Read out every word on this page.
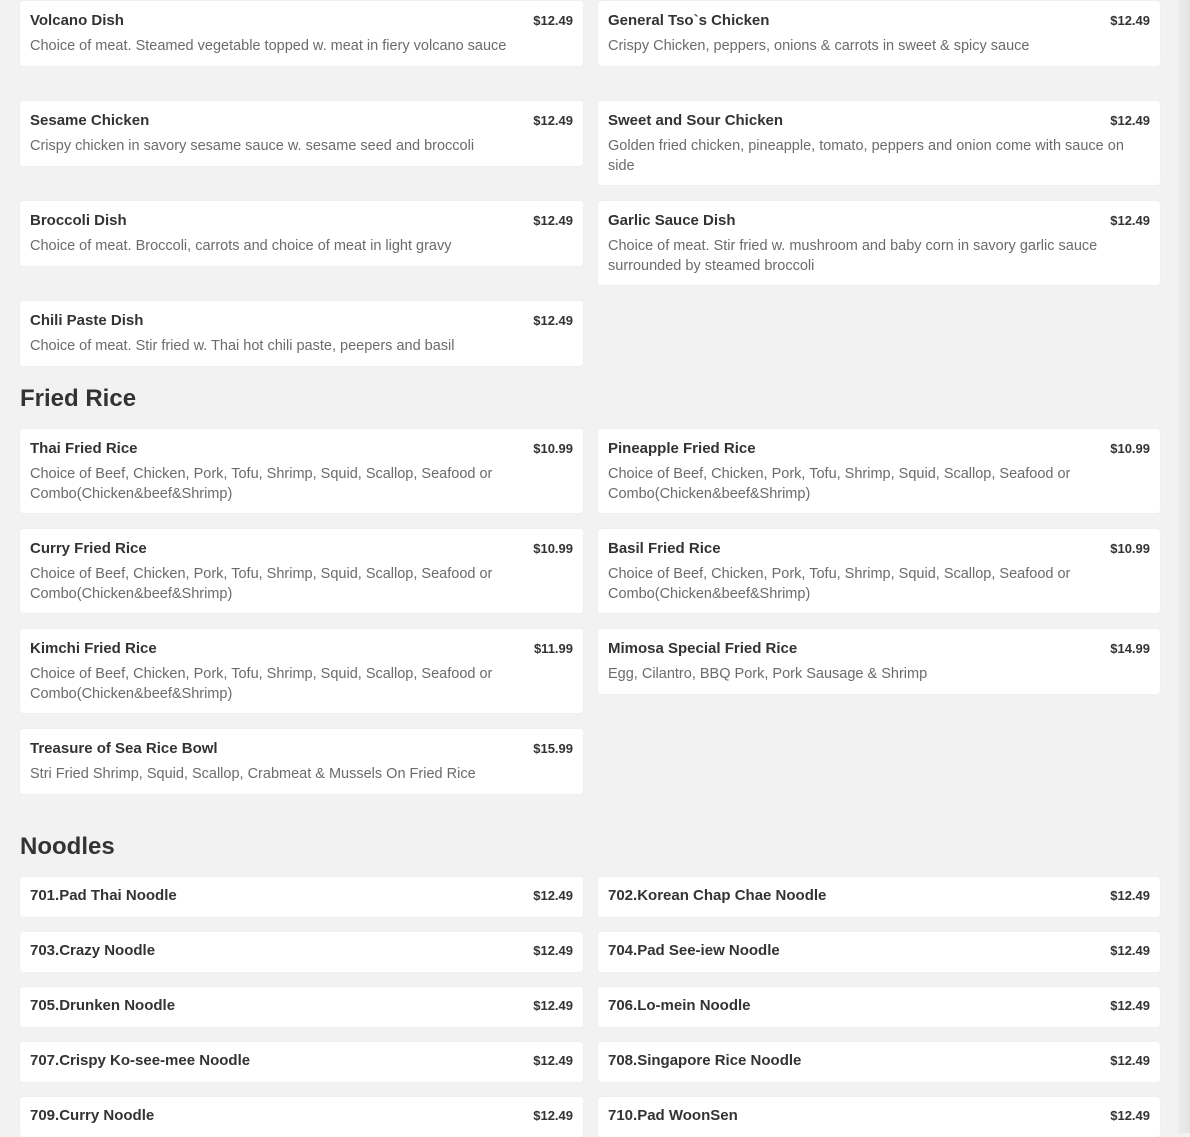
Volcano Dish	$12.49
Choice of meat. Steamed vegetable topped w. meat in fiery volcano sauce
General Tso`s Chicken	$12.49
Crispy Chicken, peppers, onions & carrots in sweet & spicy sauce
Sesame Chicken	$12.49
Crispy chicken in savory sesame sauce w. sesame seed and broccoli
Sweet and Sour Chicken	$12.49
Golden fried chicken, pineapple, tomato, peppers and onion come with sauce on side
Broccoli Dish	$12.49
Choice of meat. Broccoli, carrots and choice of meat in light gravy
Garlic Sauce Dish	$12.49
Choice of meat. Stir fried w. mushroom and baby corn in savory garlic sauce surrounded by steamed broccoli
Chili Paste Dish	$12.49
Choice of meat. Stir fried w. Thai hot chili paste, peepers and basil
Fried Rice
Thai Fried Rice	$10.99
Choice of Beef, Chicken, Pork, Tofu, Shrimp, Squid, Scallop, Seafood or Combo(Chicken&beef&Shrimp)
Pineapple Fried Rice	$10.99
Choice of Beef, Chicken, Pork, Tofu, Shrimp, Squid, Scallop, Seafood or Combo(Chicken&beef&Shrimp)
Curry Fried Rice	$10.99
Choice of Beef, Chicken, Pork, Tofu, Shrimp, Squid, Scallop, Seafood or Combo(Chicken&beef&Shrimp)
Basil Fried Rice	$10.99
Choice of Beef, Chicken, Pork, Tofu, Shrimp, Squid, Scallop, Seafood or Combo(Chicken&beef&Shrimp)
Kimchi Fried Rice	$11.99
Choice of Beef, Chicken, Pork, Tofu, Shrimp, Squid, Scallop, Seafood or Combo(Chicken&beef&Shrimp)
Mimosa Special Fried Rice	$14.99
Egg, Cilantro, BBQ Pork, Pork Sausage & Shrimp
Treasure of Sea Rice Bowl	$15.99
Stri Fried Shrimp, Squid, Scallop, Crabmeat & Mussels On Fried Rice
Noodles
701.Pad Thai Noodle	$12.49 702.Korean Chap Chae Noodle	$12.49
703.Crazy Noodle	$12.49 704.Pad See-iew Noodle	$12.49
705.Drunken Noodle	$12.49 706.Lo-mein Noodle	$12.49
707.Crispy Ko-see-mee Noodle	$12.49 708.Singapore Rice Noodle	$12.49
709.Curry Noodle	$12.49 710.Pad WoonSen	$12.49
